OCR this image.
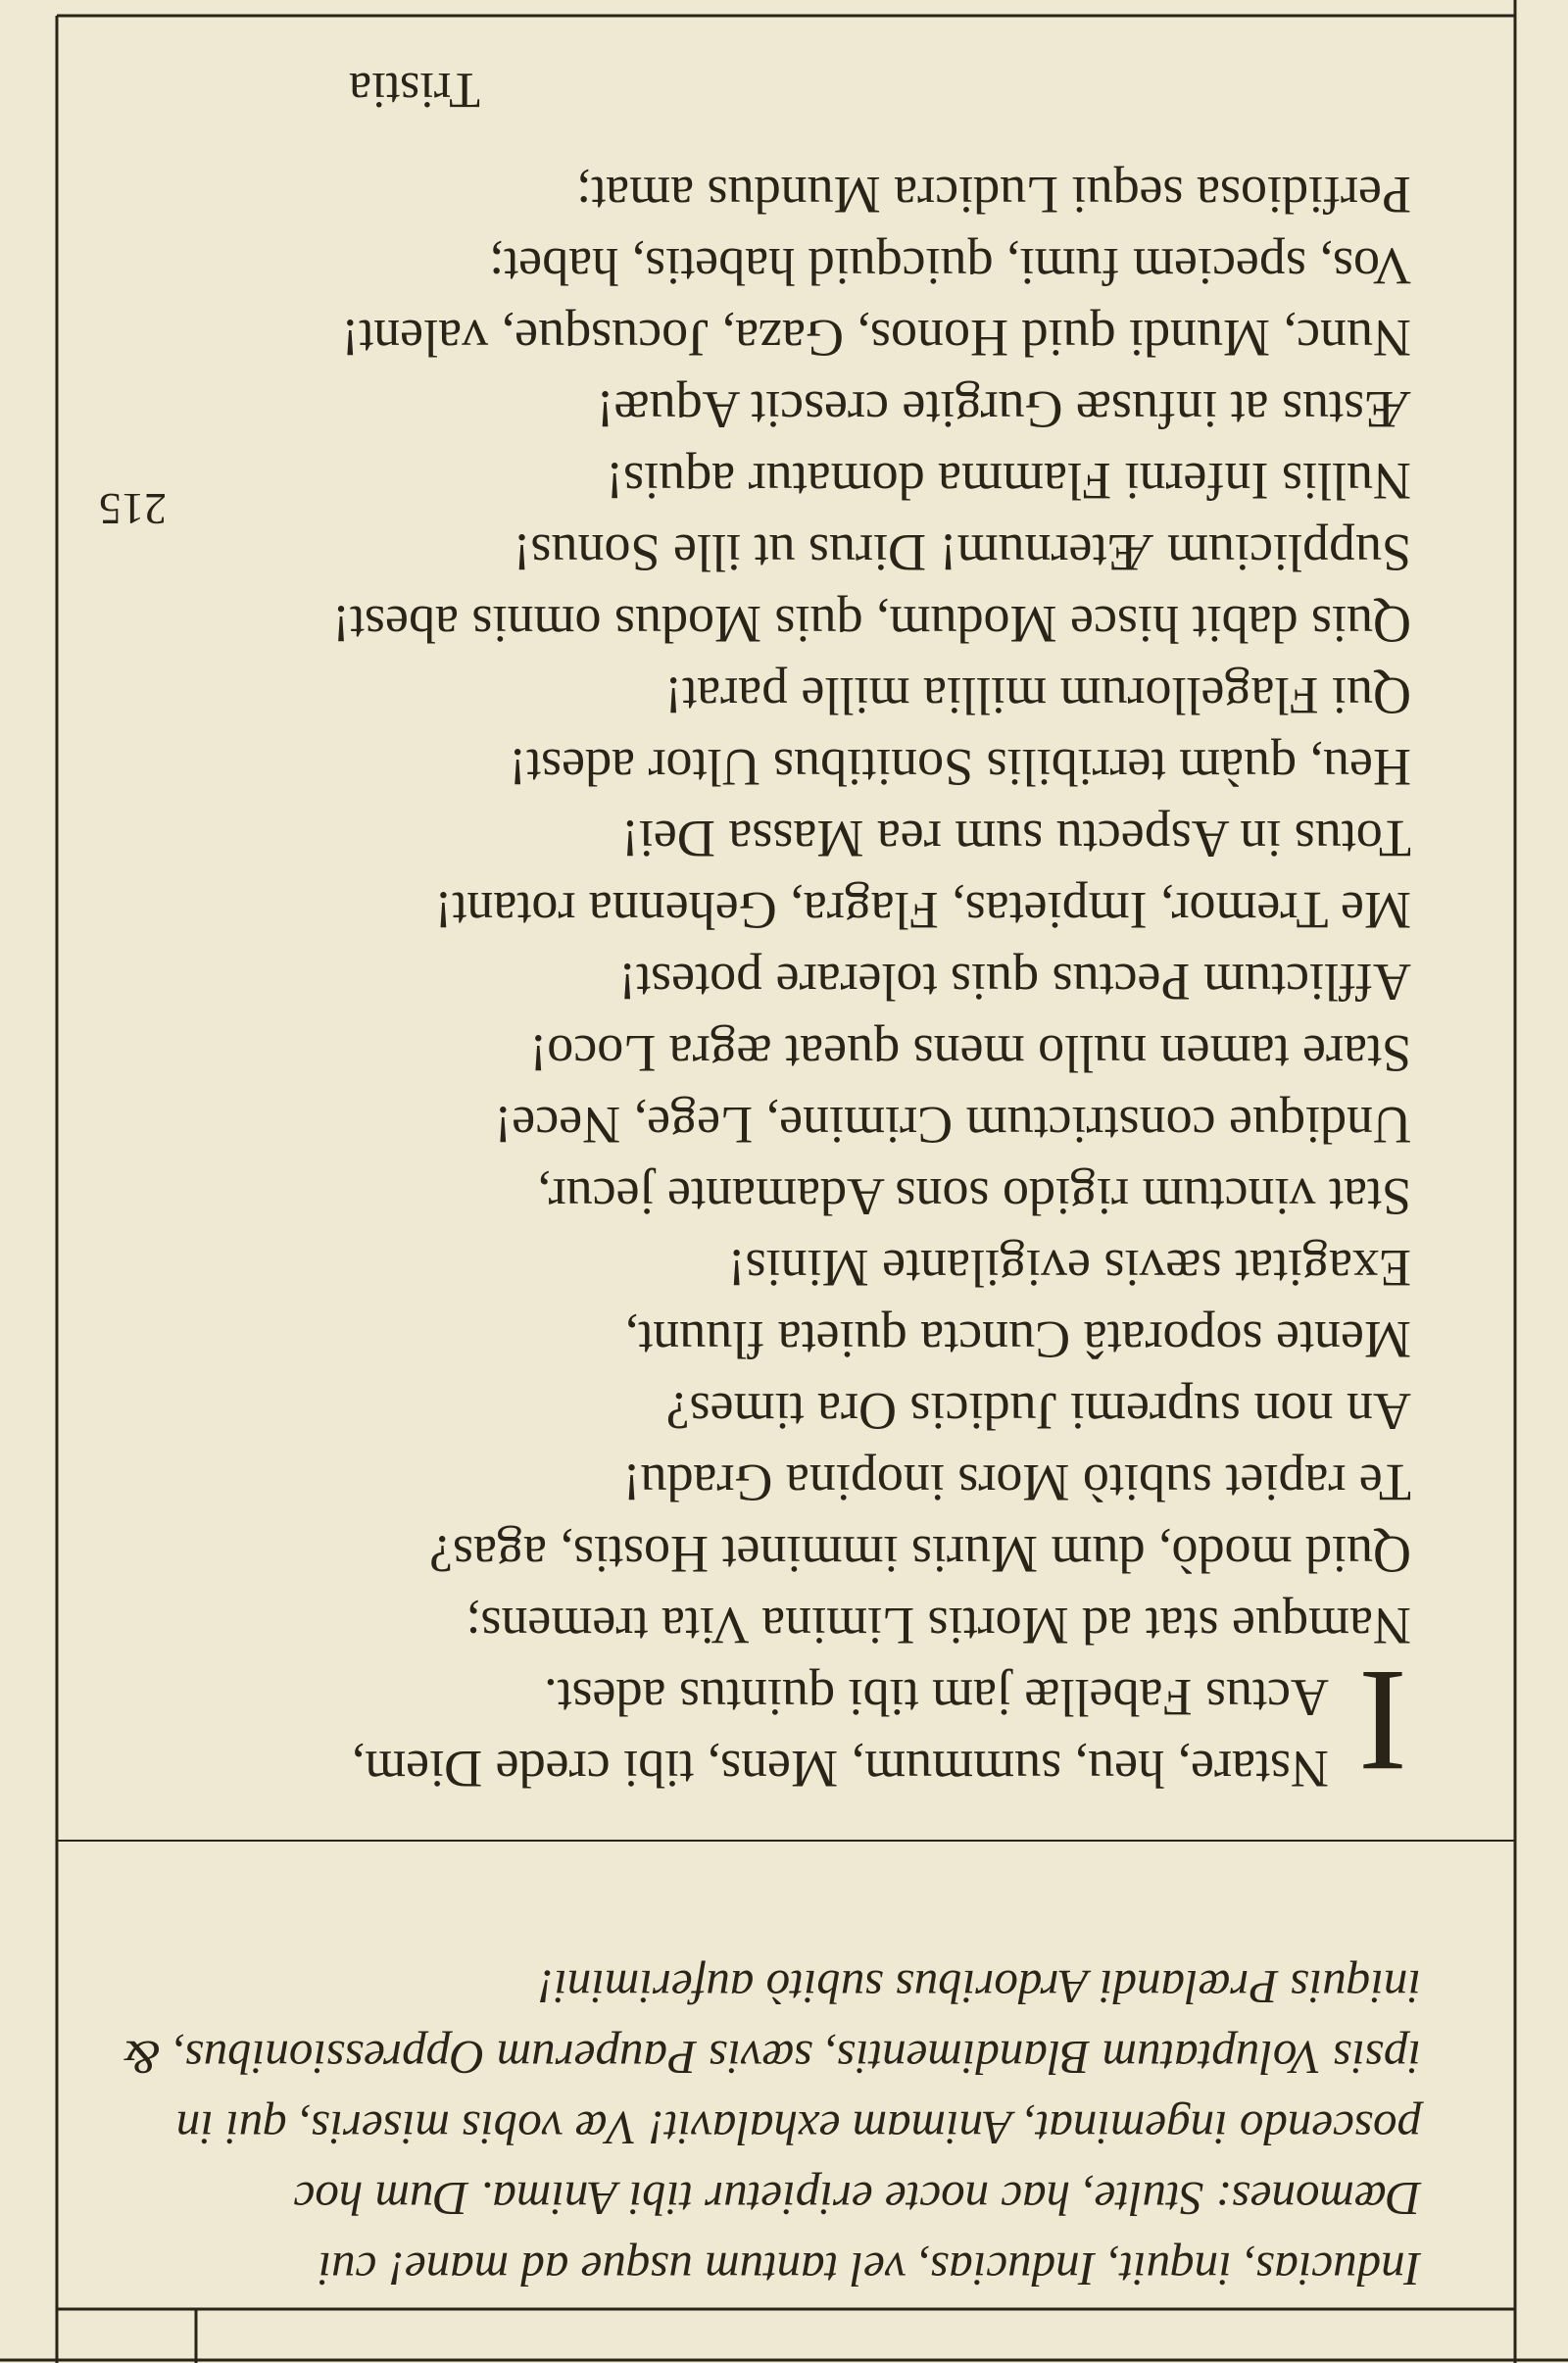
215

Inducias, inquit, Inducias, vel tantum usque ad mane! cui Dæmones: Stulte, hac nocte eripietur tibi Anima. Dum hoc poscendo ingeminat, Animam exhalavit! Væ vobis miseris, qui in ipsis Voluptatum Blandimentis, sævis Pauperum Oppressionibus, & iniquis Prælandi Ardoribus subitò auferimini!

I
Nstare, heu, summum, Mens, tibi crede Diem,
Actus Fabellæ jam tibi quintus adest.
Namque stat ad Mortis Limina Vita tremens;
Quid modò, dum Muris imminet Hostis, agas?
Te rapiet subitò Mors inopina Gradu!
An non supremi Judicis Ora times?
Mente soporatâ Cuncta quieta fluunt,
Exagitat sævis evigilante Minis!
Stat vinctum rigido sons Adamante jecur,
Undique constrictum Crimine, Lege, Nece!
Stare tamen nullo mens queat ægra Loco!
Afflictum Pectus quis tolerare potest!
Me Tremor, Impietas, Flagra, Gehenna rotant!
Totus in Aspectu sum rea Massa Dei!
Heu, quàm terribilis Sonitibus Ultor adest!
Qui Flagellorum millia mille parat!
Quis dabit hisce Modum, quis Modus omnis abest!
Supplicium Æternum! Dirus ut ille Sonus!
Nullis Inferni Flamma domatur aquis!
Æstus at infusæ Gurgite crescit Aquæ!
Nunc, Mundi quid Honos, Gaza, Jocusque, valent!
Vos, speciem fumi, quicquid habetis, habet;
Perfidiosa sequi Ludicra Mundus amat;
Tristia
